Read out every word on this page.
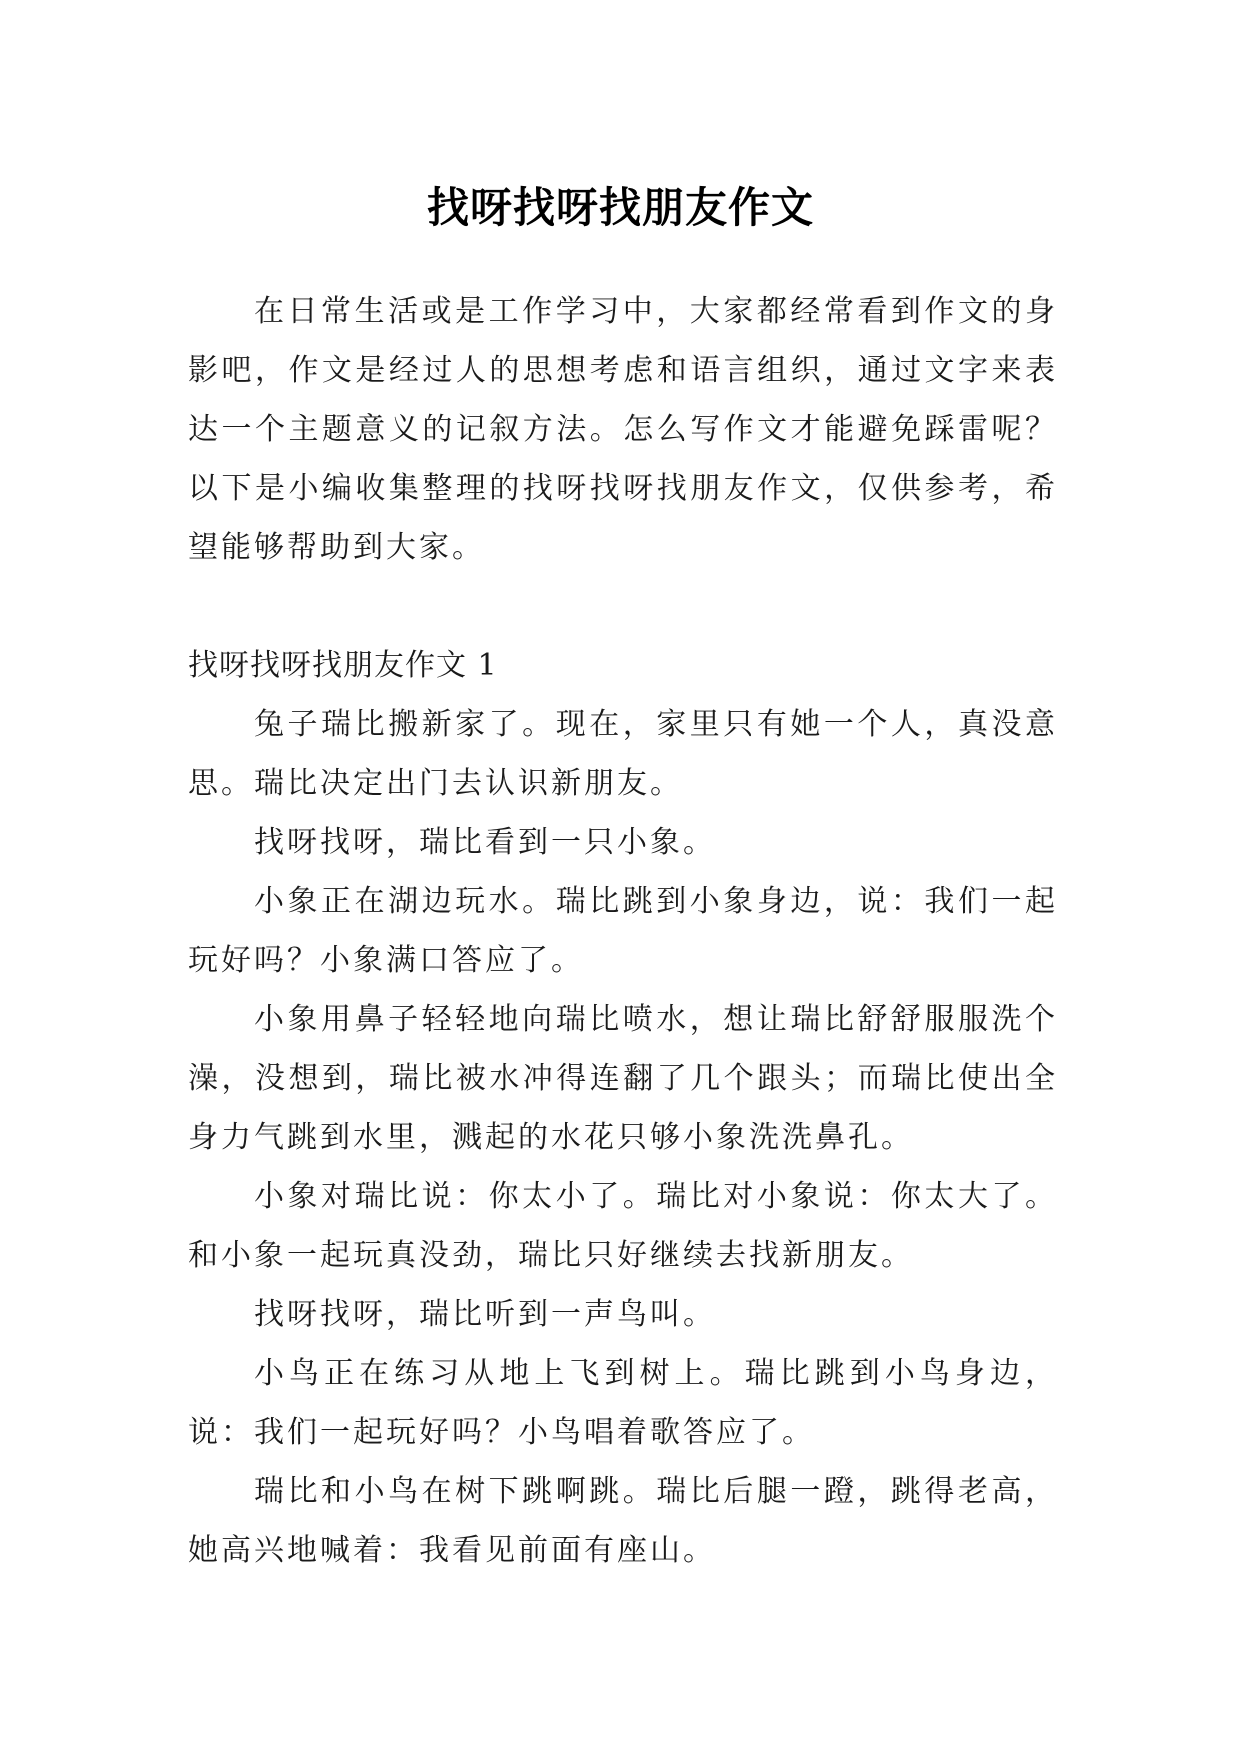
找呀找呀找朋友作文

在日常生活或是工作学习中，大家都经常看到作文的身影吧，作文是经过人的思想考虑和语言组织，通过文字来表达一个主题意义的记叙方法。怎么写作文才能避免踩雷呢？以下是小编收集整理的找呀找呀找朋友作文，仅供参考，希望能够帮助到大家。

找呀找呀找朋友作文 1

兔子瑞比搬新家了。现在，家里只有她一个人，真没意思。瑞比决定出门去认识新朋友。

找呀找呀，瑞比看到一只小象。

小象正在湖边玩水。瑞比跳到小象身边，说：我们一起玩好吗？小象满口答应了。

小象用鼻子轻轻地向瑞比喷水，想让瑞比舒舒服服洗个澡，没想到，瑞比被水冲得连翻了几个跟头；而瑞比使出全身力气跳到水里，溅起的水花只够小象洗洗鼻孔。

小象对瑞比说：你太小了。瑞比对小象说：你太大了。和小象一起玩真没劲，瑞比只好继续去找新朋友。

找呀找呀，瑞比听到一声鸟叫。

小鸟正在练习从地上飞到树上。瑞比跳到小鸟身边，说：我们一起玩好吗？小鸟唱着歌答应了。

瑞比和小鸟在树下跳啊跳。瑞比后腿一蹬，跳得老高，她高兴地喊着：我看见前面有座山。
